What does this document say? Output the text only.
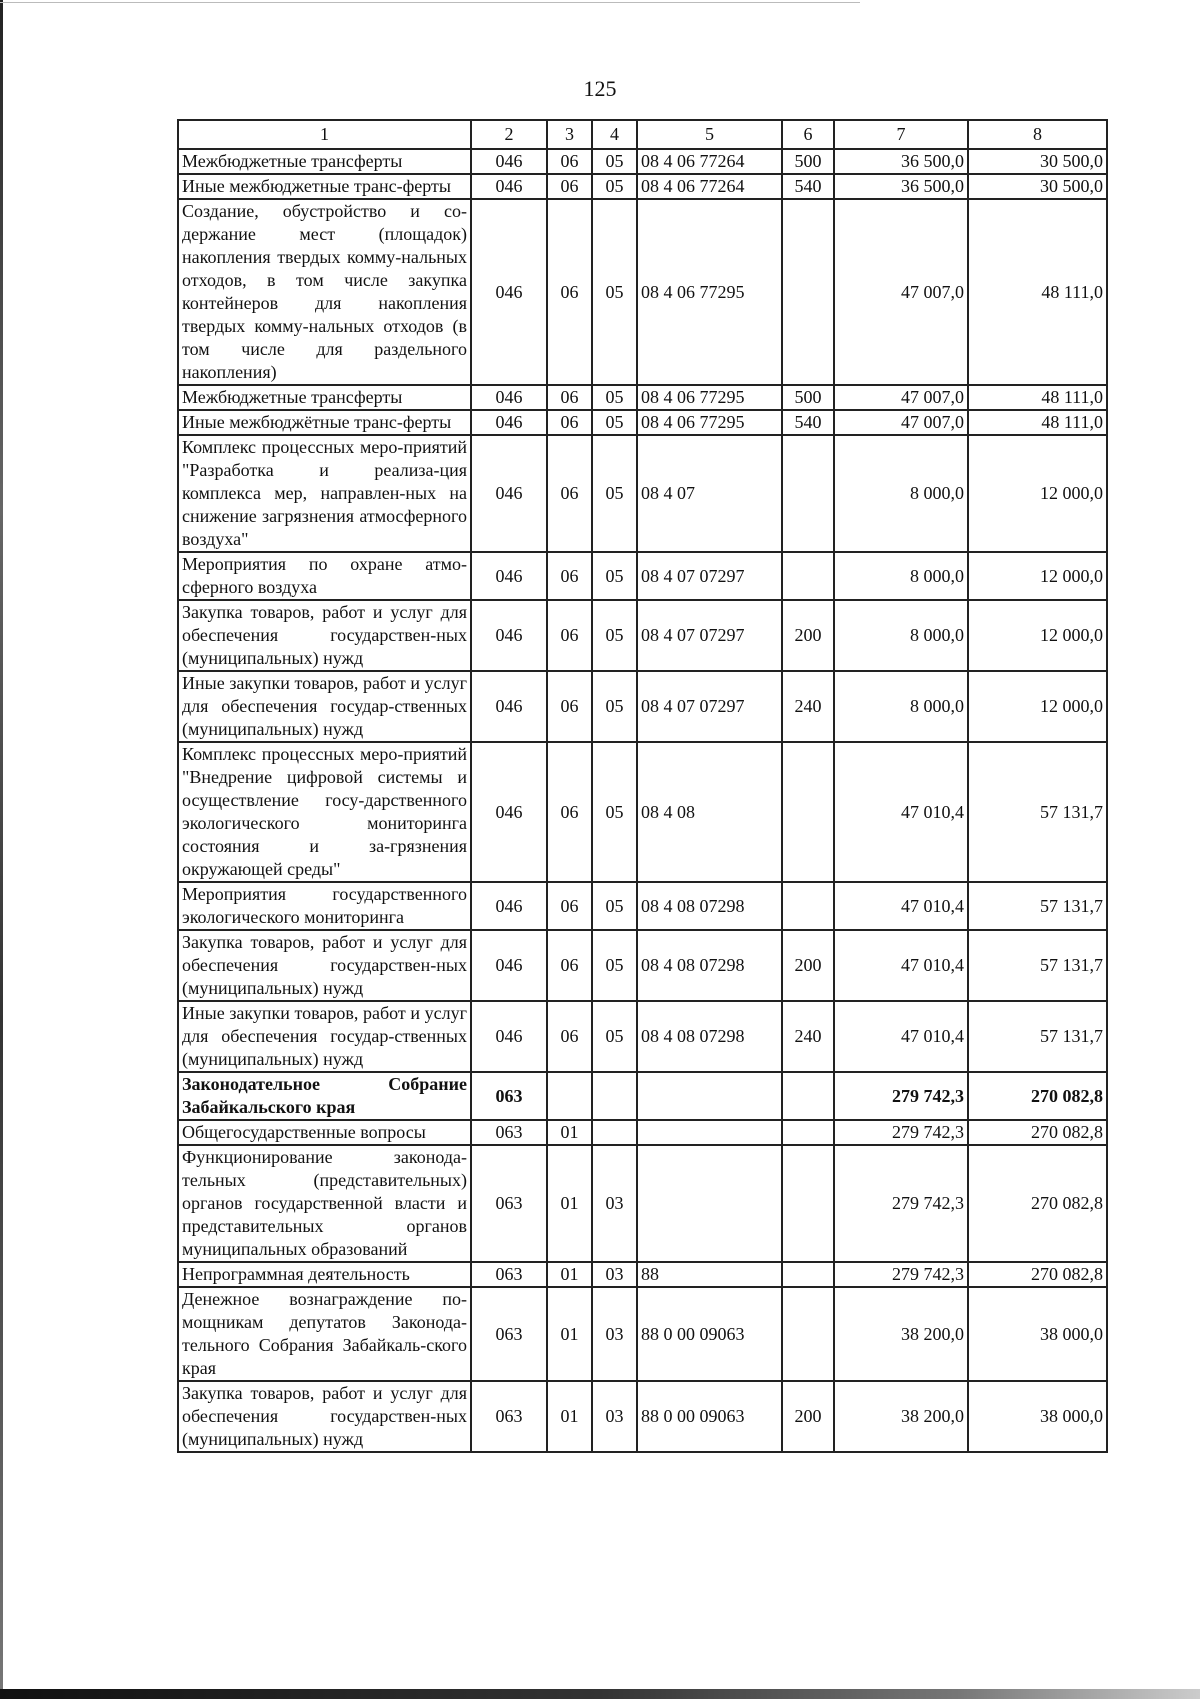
125
1	2	3	4	5	6	7	8
Межбюджетные трансферты	046	06	05	08 4 06 77264	500	36 500,0	30 500,0
Иные межбюджетные транс-ферты	046	06	05	08 4 06 77264	540	36 500,0	30 500,0
Создание, обустройство и со-держание мест (площадок) накопления твердых комму-нальных отходов, в том числе закупка контейнеров для накопления твердых комму-нальных отходов (в том числе для раздельного накопления)	046	06	05	08 4 06 77295		47 007,0	48 111,0
Межбюджетные трансферты	046	06	05	08 4 06 77295	500	47 007,0	48 111,0
Иные межбюджётные транс-ферты	046	06	05	08 4 06 77295	540	47 007,0	48 111,0
Комплекс процессных меро-приятий "Разработка и реализа-ция комплекса мер, направлен-ных на снижение загрязнения атмосферного воздуха"	046	06	05	08 4 07		8 000,0	12 000,0
Мероприятия по охране атмо-сферного воздуха	046	06	05	08 4 07 07297		8 000,0	12 000,0
Закупка товаров, работ и услуг для обеспечения государствен-ных (муниципальных) нужд	046	06	05	08 4 07 07297	200	8 000,0	12 000,0
Иные закупки товаров, работ и услуг для обеспечения государ-ственных (муниципальных) нужд	046	06	05	08 4 07 07297	240	8 000,0	12 000,0
Комплекс процессных меро-приятий "Внедрение цифровой системы и осуществление госу-дарственного экологического мониторинга состояния и за-грязнения окружающей среды"	046	06	05	08 4 08		47 010,4	57 131,7
Мероприятия государственного экологического мониторинга	046	06	05	08 4 08 07298		47 010,4	57 131,7
Закупка товаров, работ и услуг для обеспечения государствен-ных (муниципальных) нужд	046	06	05	08 4 08 07298	200	47 010,4	57 131,7
Иные закупки товаров, работ и услуг для обеспечения государ-ственных (муниципальных) нужд	046	06	05	08 4 08 07298	240	47 010,4	57 131,7
Законодательное Собрание Забайкальского края	063					279 742,3	270 082,8
Общегосударственные вопросы	063	01				279 742,3	270 082,8
Функционирование законода-тельных (представительных) органов государственной власти и представительных органов муниципальных образований	063	01	03			279 742,3	270 082,8
Непрограммная деятельность	063	01	03	88		279 742,3	270 082,8
Денежное вознаграждение по-мощникам депутатов Законода-тельного Собрания Забайкаль-ского края	063	01	03	88 0 00 09063		38 200,0	38 000,0
Закупка товаров, работ и услуг для обеспечения государствен-ных (муниципальных) нужд	063	01	03	88 0 00 09063	200	38 200,0	38 000,0
